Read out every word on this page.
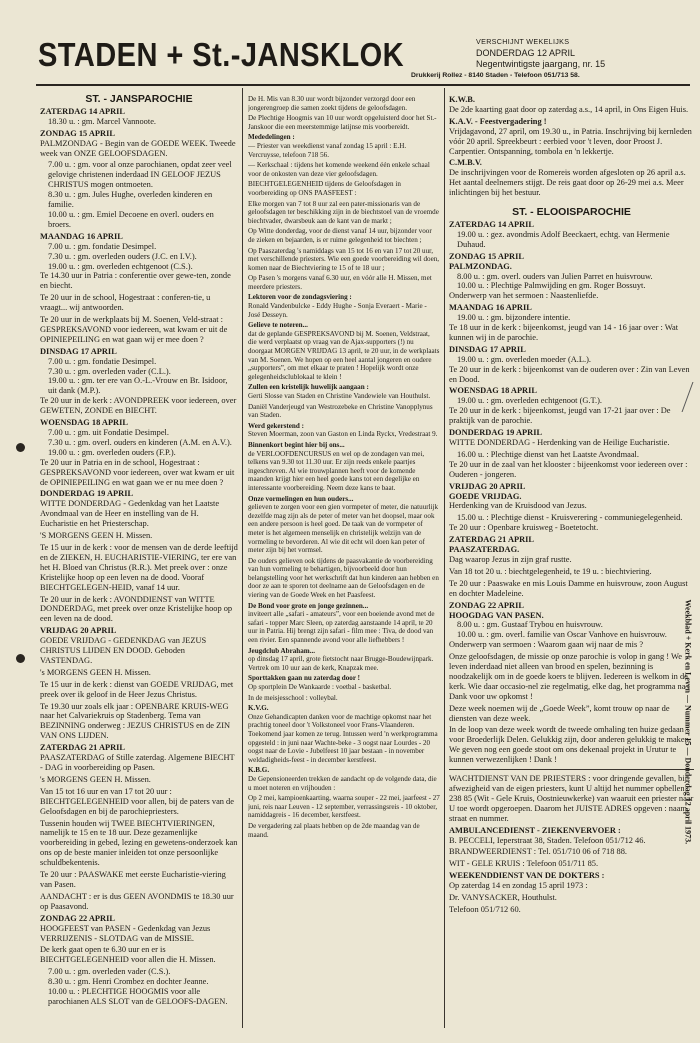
STADEN + St.-JANSKLOK	VERSCHIJNT WEKELIJKS
DONDERDAG 12 APRIL
Negentwintigste jaargang, nr. 15
Drukkerij Rollez - 8140 Staden - Telefoon 051/713 58.
ST. - JANSPAROCHIE
ZATERDAG 14 APRIL
18.30 u. : gm. Marcel Vannoote.
ZONDAG 15 APRIL
PALMZONDAG - Begin van de GOEDE WEEK. Tweede week van ONZE GELOOFSDAGEN.
7.00 u. : gm. voor al onze parochianen, opdat zeer veel gelovige christenen inderdaad IN GELOOF JEZUS CHRISTUS mogen ontmoeten.
8.30 u. : gm. Jules Hughe, overleden kinderen en familie.
10.00 u. : gm. Emiel Decoene en overl. ouders en broers.
MAANDAG 16 APRIL
7.00 u. : gm. fondatie Desimpel.
7.30 u. : gm. overleden ouders (J.C. en I.V.).
19.00 u. : gm. overleden echtgenoot (C.S.).
Te 14.30 uur in Patria : conferentie over gewe-ten, zonde en biecht.
Te 20 uur in de school, Hogestraat : conferen-tie, u vraagt... wij antwoorden.
Te 20 uur in de werkplaats bij M. Soenen, Veld-straat : GESPREKSAVOND voor iedereen, wat kwam er uit de OPINIEPEILING en wat gaan wij er mee doen ?
DINSDAG 17 APRIL
7.00 u. : gm. fondatie Desimpel.
7.30 u. : gm. overleden vader (C.L.).
19.00 u. : gm. ter ere van O.-L.-Vrouw en Br. Isidoor, uit dank (M.P.).
Te 20 uur in de kerk : AVONDPREEK voor iedereen, over GEWETEN, ZONDE en BIECHT.
WOENSDAG 18 APRIL
7.00 u. : gm. uit Fondatie Desimpel.
7.30 u. : gm. overl. ouders en kinderen (A.M. en A.V.).
19.00 u. : gm. overleden ouders (F.P.).
Te 20 uur in Patria en in de school, Hogestraat : GESPREKSAVOND voor iedereen, over wat kwam er uit de OPINIEPEILING en wat gaan we er nu mee doen ?
DONDERDAG 19 APRIL
WITTE DONDERDAG - Gedenkdag van het Laatste Avondmaal van de Heer en instelling van de H. Eucharistie en het Priesterschap.
'S MORGENS GEEN H. Missen.
Te 15 uur in de kerk : voor de mensen van de derde leeftijd en de ZIEKEN, H. EUCHARISTIE-VIERING, ter ere van het H. Bloed van Christus (R.R.). Met preek over : onze Kristelijke hoop op een leven na de dood. Vooraf BIECHTGELEGEN-HEID, vanaf 14 uur.
Te 20 uur in de kerk : AVONDDIENST van WITTE DONDERDAG, met preek over onze Kristelijke hoop op een leven na de dood.
VRIJDAG 20 APRIL
GOEDE VRIJDAG - GEDENKDAG van JEZUS CHRISTUS LIJDEN EN DOOD. Geboden VASTENDAG.
's MORGENS GEEN H. Missen.
Te 15 uur in de kerk : dienst van GOEDE VRIJDAG, met preek over ik geloof in de Heer Jezus Christus.
Te 19.30 uur zoals elk jaar : OPENBARE KRUIS-WEG naar het Calvariekruis op Stadenberg. Tema van BEZINNING onderweg : JEZUS CHRISTUS en de ZIN VAN ONS LIJDEN.
ZATERDAG 21 APRIL
PAASZATERDAG of Stille zaterdag. Algemene BIECHT - DAG in voorbereiding op Pasen.
's MORGENS GEEN H. Missen.
Van 15 tot 16 uur en van 17 tot 20 uur : BIECHTGELEGENHEID voor allen, bij de paters van de Geloofsdagen en bij de parochiepriesters.
Tussenin houden wij TWEE BIECHTVIERINGEN, namelijk te 15 en te 18 uur. Deze gezamenlijke voorbereiding in gebed, lezing en gewetens-onderzoek kan ons op de beste manier inleiden tot onze persoonlijke schuldbekentenis.
Te 20 uur : PAASWAKE met eerste Eucharistie-viering van Pasen.
AANDACHT : er is dus GEEN AVONDMIS te 18.30 uur op Paasavond.
ZONDAG 22 APRIL
HOOGFEEST van PASEN - Gedenkdag van Jezus VERRIJZENIS - SLOTDAG van de MISSIE.
De kerk gaat open te 6.30 uur en er is BIECHTGELEGENHEID voor allen die H. Missen.
7.00 u. : gm. overleden vader (C.S.).
8.30 u. : gm. Henri Crombez en dochter Jeanne.
10.00 u. : PLECHTIGE HOOGMIS voor alle parochianen ALS SLOT van de GELOOFS-DAGEN.
De H. Mis van 8.30 uur wordt bijzonder verzorgd door een jongerengroep die samen zoekt tijdens de geloofsdagen.
De Plechtige Hoogmis van 10 uur wordt opgeluisterd door het St.-Janskoor die een meerstemmige latijnse mis voorbereidt.
Mededelingen :
— Priester van weekdienst vanaf zondag 15 april : E.H. Vercruysse, telefoon 718 56.
— Kerkschaal : tijdens het komende weekend één enkele schaal voor de onkosten van deze vier geloofsdagen.
BIECHTGELEGENHEID tijdens de Geloofsdagen in voorbereiding op ONS PAASFEEST :
Elke morgen van 7 tot 8 uur zal een pater-missionaris van de geloofsdagen ter beschikking zijn in de biechtstoel van de vroemde biechtvader, dwarsbeuk aan de kant van de markt ;
Op Witte donderdag, voor de dienst vanaf 14 uur, bijzonder voor de zieken en bejaarden, is er ruime gelegenheid tot biechten ;
Op Paaszaterdag 's namiddags van 15 tot 16 en van 17 tot 20 uur, met verschillende priesters. Wie een goede voorbereiding wil doen, komen naar de Biechtviering te 15 of te 18 uur ;
Op Pasen 's morgens vanaf 6.30 uur, en vóór alle H. Missen, met meerdere priesters.
Lektoren voor de zondagsviering :
Ronald Vandenbulcke - Eddy Hughe - Sonja Everaert - Marie - José Desseyn.
Gelieve te noteren...
dat de geplande GESPREKSAVOND bij M. Soenen, Veldstraat, die werd verplaatst op vraag van de Ajax-supporters (!) nu doorgaat MORGEN VRIJDAG 13 april, te 20 uur, in de werkplaats van M. Soenen. We hopen op een heel aantal jongeren en oudere „supporters”, om met elkaar te praten ! Hopelijk wordt onze gelegenheidsclublokaal te klein !
Zullen een kristelijk huwelijk aangaan :
Gerti Slosse van Staden en Christine Vandewiele van Houthulst.
Daniël Vanderjeugd van Westrozebeke en Christine Vanopplynus van Staden.
Werd gekerstend :
Steven Moerman, zoon van Gaston en Linda Ryckx, Vredestraat 9.
Binnenkort begint hier bij ons...
de VERLOOFDENCURSUS en wel op de zondagen van mei, telkens van 9.30 tot 11.30 uur. Er zijn reeds enkele paartjes ingeschreven. Al wie trouwplannen heeft voor de komende maanden krijgt hier een heel goede kans tot een degelijke en interessante voorbereiding. Neem deze kans te baat.
Onze vormelingen en hun ouders...
gelieven te zorgen voor een gien vormpeter of meter, die natuurlijk dezelfde mag zijn als de peter of meter van het doopsel, maar ook een andere persoon is heel goed. De taak van de vormpeter of meter is het algemeen menselijk en christelijk welzijn van de vormeling te bevorderen. Al wie dit echt wil doen kan peter of meter zijn bij het vormsel.
De ouders gelieven ook tijdens de paasvakantie de voorbereiding van hun vormeling te behartigen, bijvoorbeeld door hun belangstelling voor het werkschrift dat hun kinderen aan hebben en door ze aan te sporen tot deelname aan de Geloofsdagen en de viering van de Goede Week en het Paasfeest.
De Bond voor grote en jonge gezinnen...
inviteert alle „safari - amateurs”, voor een boeiende avond met de safari - topper Marc Sleen, op zaterdag aanstaande 14 april, te 20 uur in Patria. Hij brengt zijn safari - film mee : Tiva, de dood van een rivier. Een spannende avond voor alle liefhebbers !
Jeugdclub Abraham...
op dinsdag 17 april, grote fietstocht naar Brugge-Boudewijnpark. Vertrek om 10 uur aan de kerk, Knapzak mee.
Sporttakken gaan nu zaterdag door !
Op sportplein De Wankaarde : voetbal - basketbal.
In de meisjesschool : volleybal.
K.V.G.
Onze Gehandicapten danken voor de machtige opkomst naar het prachtig toneel door 't Volkstoneel voor Frans-Vlaanderen. Toekomend jaar komen ze terug. Intussen werd 'n werkprogramma opgesteld : in juni naar Wachte-beke - 3 oogst naar Lourdes - 20 oogst naar de Lovie - Jubelfeest 10 jaar bestaan - in november weldadigheids-feest - in december kerstfeest.
K.B.G.
De Gepensioneerden trekken de aandacht op de volgende data, die u moet noteren en vrijhouden :
Op 2 mei, kampioenkaarting, waarna souper - 22 mei, jaarfeest - 27 juni, reis naar Leuven - 12 september, verrassingsreis - 10 oktober, namiddagreis - 16 december, kerstfeest.
De vergadering zal plaats hebben op de 2de maandag van de maand.
K.W.B.
De 2de kaarting gaat door op zaterdag a.s., 14 april, in Ons Eigen Huis.
K.A.V. - Feestvergadering !
Vrijdagavond, 27 april, om 19.30 u., in Patria. Inschrijving bij kernleden vóór 20 april. Spreekbeurt : eerbied voor 't leven, door Proost J. Carpentier. Ontspanning, tombola en 'n lekkertje.
C.M.B.V.
De inschrijvingen voor de Romereis worden afgesloten op 26 april a.s. Het aantal deelnemers stijgt. De reis gaat door op 26-29 mei a.s. Meer inlichtingen bij het bestuur.
ST. - ELOOISPAROCHIE
ZATERDAG 14 APRIL
19.00 u. : gez. avondmis Adolf Beeckaert, echtg. van Hermenie Duhaud.
ZONDAG 15 APRIL
PALMZONDAG.
8.00 u. : gm. overl. ouders van Julien Parret en huisvrouw.
10.00 u. : Plechtige Palmwijding en gm. Roger Bossuyt.
Onderwerp van het sermoen : Naastenliefde.
MAANDAG 16 APRIL
19.00 u. : gm. bijzondere intentie.
Te 18 uur in de kerk : bijeenkomst, jeugd van 14 - 16 jaar over : Wat kunnen wij in de parochie.
DINSDAG 17 APRIL
19.00 u. : gm. overleden moeder (A.L.).
Te 20 uur in de kerk : bijeenkomst van de ouderen over : Zin van Leven en Dood.
WOENSDAG 18 APRIL
19.00 u. : gm. overleden echtgenoot (G.T.).
Te 20 uur in de kerk : bijeenkomst, jeugd van 17-21 jaar over : De praktijk van de parochie.
DONDERDAG 19 APRIL
WITTE DONDERDAG - Herdenking van de Heilige Eucharistie.
16.00 u. : Plechtige dienst van het Laatste Avondmaal.
Te 20 uur in de zaal van het klooster : bijeenkomst voor iedereen over : Ouderen - jongeren.
VRIJDAG 20 APRIL
GOEDE VRIJDAG.
Herdenking van de Kruisdood van Jezus.
15.00 u. : Plechtige dienst - Kruisverering - communiegelegenheid.
Te 20 uur : Openbare kruisweg - Boetetocht.
ZATERDAG 21 APRIL
PAASZATERDAG.
Dag waarop Jezus in zijn graf rustte.
Van 18 tot 20 u. : biechtgelegenheid, te 19 u. : biechtviering.
Te 20 uur : Paaswake en mis Louis Damme en huisvrouw, zoon August en dochter Madeleine.
ZONDAG 22 APRIL
HOOGDAG VAN PASEN.
8.00 u. : gm. Gustaaf Trybou en huisvrouw.
10.00 u. : gm. overl. familie van Oscar Vanhove en huisvrouw.
Onderwerp van sermoen : Waarom gaan wij naar de mis ?
Onze geloofsdagen, de missie op onze parochie is volop in gang ! We leven inderdaad niet alleen van brood en spelen, bezinning is noodzakelijk om in de goede koers te blijven. Iedereen is welkom in de kerk. Wie daar occasio-nel zie regelmatig, elke dag, het programma na ! Dank voor uw opkomst !
Deze week noemen wij de „Goede Week”, komt trouw op naar de diensten van deze week.
In de loop van deze week wordt de tweede omhaling ten huize gedaan voor Broederlijk Delen. Gelukkig zijn, door anderen gelukkig te maken. We geven nog een goede stoot om ons dekenaal projekt in Urutur te kunnen verwezenlijken ! Dank !
WACHTDIENST VAN DE PRIESTERS : voor dringende gevallen, bij afwezigheid van de eigen priesters, kunt U altijd het nummer opbellen : 238 85 (Wit - Gele Kruis, Oostnieuwkerke) van waaruit een priester naar U toe wordt opgeroepen. Daarom het JUISTE ADRES opgeven : naam, straat en nummer.
AMBULANCEDIENST - ZIEKENVERVOER :
B. PECCELI, Ieperstraat 38, Staden. Telefoon 051/712 46.
BRANDWEERDIENST : Tel. 051/710 06 of 718 88.
WIT - GELE KRUIS : Telefoon 051/711 85.
WEEKENDDIENST VAN DE DOKTERS :
Op zaterdag 14 en zondag 15 april 1973 :
Dr. VANYSACKER, Houthulst.
Telefoon 051/712 60.
Weekblad + Kerk en Leven — Nummer 15 — Donderdag 12 april 1973.
